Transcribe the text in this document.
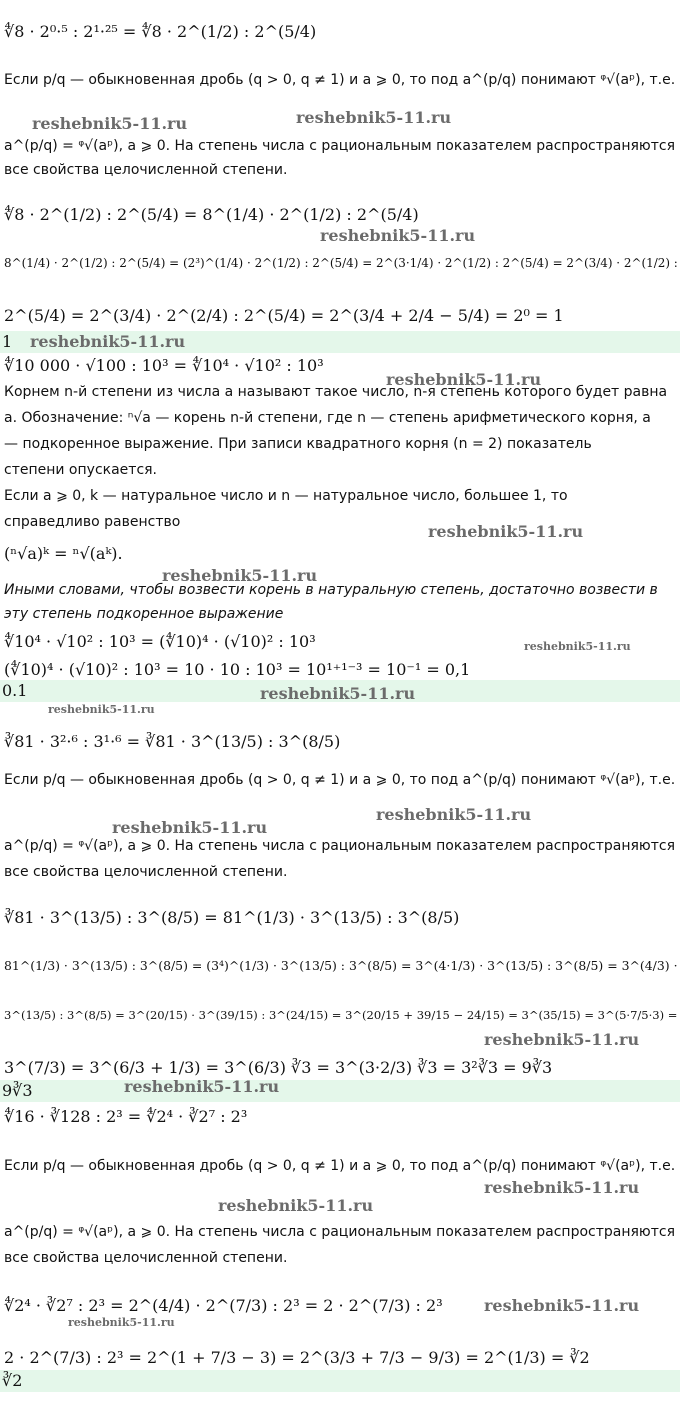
∜8 · 2⁰·⁵ : 2¹·²⁵ = ∜8 · 2^(1/2) : 2^(5/4)
Если p/q — обыкновенная дробь (q > 0, q ≠ 1) и a ⩾ 0, то под a^(p/q) понимают ᵠ√(aᵖ), т.е.
a^(p/q) = ᵠ√(aᵖ), a ⩾ 0. На степень числа с рациональным показателем распространяются
все свойства целочисленной степени.
∜8 · 2^(1/2) : 2^(5/4) = 8^(1/4) · 2^(1/2) : 2^(5/4)
8^(1/4) · 2^(1/2) : 2^(5/4) = (2³)^(1/4) · 2^(1/2) : 2^(5/4) = 2^(3·1/4) · 2^(1/2) : 2^(5/4) = 2^(3/4) · 2^(1/2) :
2^(5/4) = 2^(3/4) · 2^(2/4) : 2^(5/4) = 2^(3/4 + 2/4 − 5/4) = 2⁰ = 1
1
∜10 000 · √100 : 10³ = ∜10⁴ · √10² : 10³
Корнем n-й степени из числа a называют такое число, n-я степень которого будет равна
a. Обозначение: ⁿ√a — корень n-й степени, где n — степень арифметического корня, a
— подкоренное выражение. При записи квадратного корня (n = 2) показатель
степени опускается.
Если a ⩾ 0, k — натуральное число и n — натуральное число, большее 1, то
справедливо равенство
(ⁿ√a)ᵏ = ⁿ√(aᵏ).
Иными словами, чтобы возвести корень в натуральную степень, достаточно возвести в
эту степень подкоренное выражение
∜10⁴ · √10² : 10³ = (∜10)⁴ · (√10)² : 10³
(∜10)⁴ · (√10)² : 10³ = 10 · 10 : 10³ = 10¹⁺¹⁻³ = 10⁻¹ = 0,1
0.1
∛81 · 3²·⁶ : 3¹·⁶ = ∛81 · 3^(13/5) : 3^(8/5)
Если p/q — обыкновенная дробь (q > 0, q ≠ 1) и a ⩾ 0, то под a^(p/q) понимают ᵠ√(aᵖ), т.е.
a^(p/q) = ᵠ√(aᵖ), a ⩾ 0. На степень числа с рациональным показателем распространяются
все свойства целочисленной степени.
∛81 · 3^(13/5) : 3^(8/5) = 81^(1/3) · 3^(13/5) : 3^(8/5)
81^(1/3) · 3^(13/5) : 3^(8/5) = (3⁴)^(1/3) · 3^(13/5) : 3^(8/5) = 3^(4·1/3) · 3^(13/5) : 3^(8/5) = 3^(4/3) ·
3^(13/5) : 3^(8/5) = 3^(20/15) · 3^(39/15) : 3^(24/15) = 3^(20/15 + 39/15 − 24/15) = 3^(35/15) = 3^(5·7/5·3) =
3^(7/3) = 3^(6/3 + 1/3) = 3^(6/3) ∛3 = 3^(3·2/3) ∛3 = 3²∛3 = 9∛3
9∛3
∜16 · ∛128 : 2³ = ∜2⁴ · ∛2⁷ : 2³
Если p/q — обыкновенная дробь (q > 0, q ≠ 1) и a ⩾ 0, то под a^(p/q) понимают ᵠ√(aᵖ), т.е.
a^(p/q) = ᵠ√(aᵖ), a ⩾ 0. На степень числа с рациональным показателем распространяются
все свойства целочисленной степени.
∜2⁴ · ∛2⁷ : 2³ = 2^(4/4) · 2^(7/3) : 2³ = 2 · 2^(7/3) : 2³
2 · 2^(7/3) : 2³ = 2^(1 + 7/3 − 3) = 2^(3/3 + 7/3 − 9/3) = 2^(1/3) = ∛2
∛2
reshebnik5-11.ru	reshebnik5-11.ru
reshebnik5-11.ru
reshebnik5-11.ru
reshebnik5-11.ru
reshebnik5-11.ru
reshebnik5-11.ru
reshebnik5-11.ru
reshebnik5-11.ru
reshebnik5-11.ru
reshebnik5-11.ru
reshebnik5-11.ru
reshebnik5-11.ru
reshebnik5-11.ru
reshebnik5-11.ru
reshebnik5-11.ru
reshebnik5-11.ru
reshebnik5-11.ru
